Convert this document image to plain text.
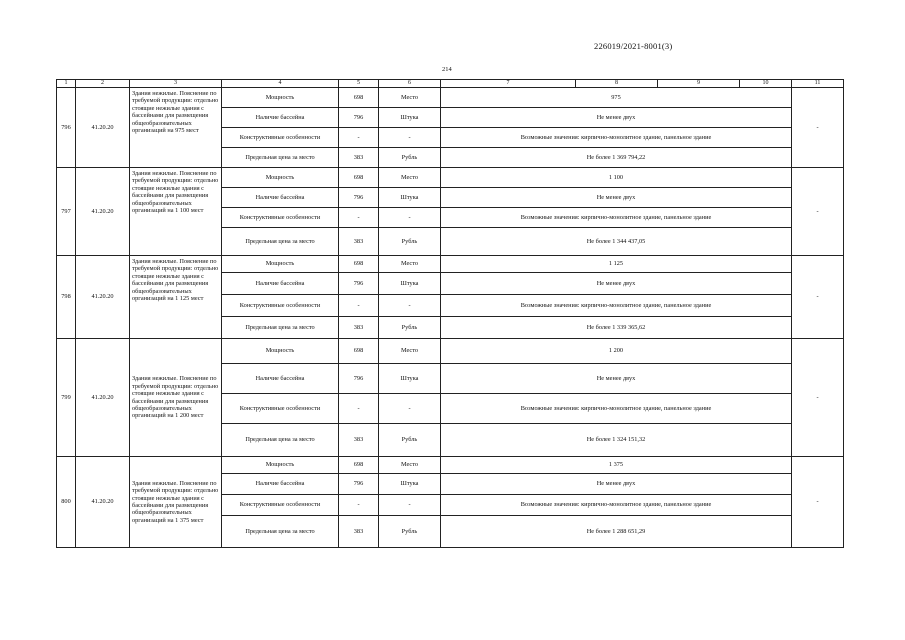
226019/2021-8001(3)
214
1	2	3	4	5	6	7	8	9	10	11
796	41.20.20	Здания нежилые. Пояснение по требуемой продукции: отдельно стоящие нежилые здания с бассейнами для размещения общеобразовательных организаций на 975 мест	Мощность	698	Место	975				-
			Наличие бассейна	796	Штука	Не менее двух				
			Конструктивные особенности	-	-	Возможные значения: кирпично-монолитное здание, панельное здание				
			Предельная цена за место	383	Рубль	Не более 1 369 794,22				
797	41.20.20	Здания нежилые. Пояснение по требуемой продукции: отдельно стоящие нежилые здания с бассейнами для размещения общеобразовательных организаций на 1 100 мест	Мощность	698	Место	1 100				-
			Наличие бассейна	796	Штука	Не менее двух				
			Конструктивные особенности	-	-	Возможные значения: кирпично-монолитное здание, панельное здание				
			Предельная цена за место	383	Рубль	Не более 1 344 437,05				
798	41.20.20	Здания нежилые. Пояснение по требуемой продукции: отдельно стоящие нежилые здания с бассейнами для размещения общеобразовательных организаций на 1 125 мест	Мощность	698	Место	1 125				-
			Наличие бассейна	796	Штука	Не менее двух				
			Конструктивные особенности	-	-	Возможные значения: кирпично-монолитное здание, панельное здание				
			Предельная цена за место	383	Рубль	Не более 1 339 365,62				
799	41.20.20	Здания нежилые. Пояснение по требуемой продукции: отдельно стоящие нежилые здания с бассейнами для размещения общеобразовательных организаций на 1 200 мест	Мощность	698	Место	1 200				-
			Наличие бассейна	796	Штука	Не менее двух				
			Конструктивные особенности	-	-	Возможные значения: кирпично-монолитное здание, панельное здание				
			Предельная цена за место	383	Рубль	Не более 1 324 151,32				
800	41.20.20	Здания нежилые. Пояснение по требуемой продукции: отдельно стоящие нежилые здания с бассейнами для размещения общеобразовательных организаций на 1 375 мест	Мощность	698	Место	1 375				-
			Наличие бассейна	796	Штука	Не менее двух				
			Конструктивные особенности	-	-	Возможные значения: кирпично-монолитное здание, панельное здание				
			Предельная цена за место	383	Рубль	Не более 1 288 651,29				
